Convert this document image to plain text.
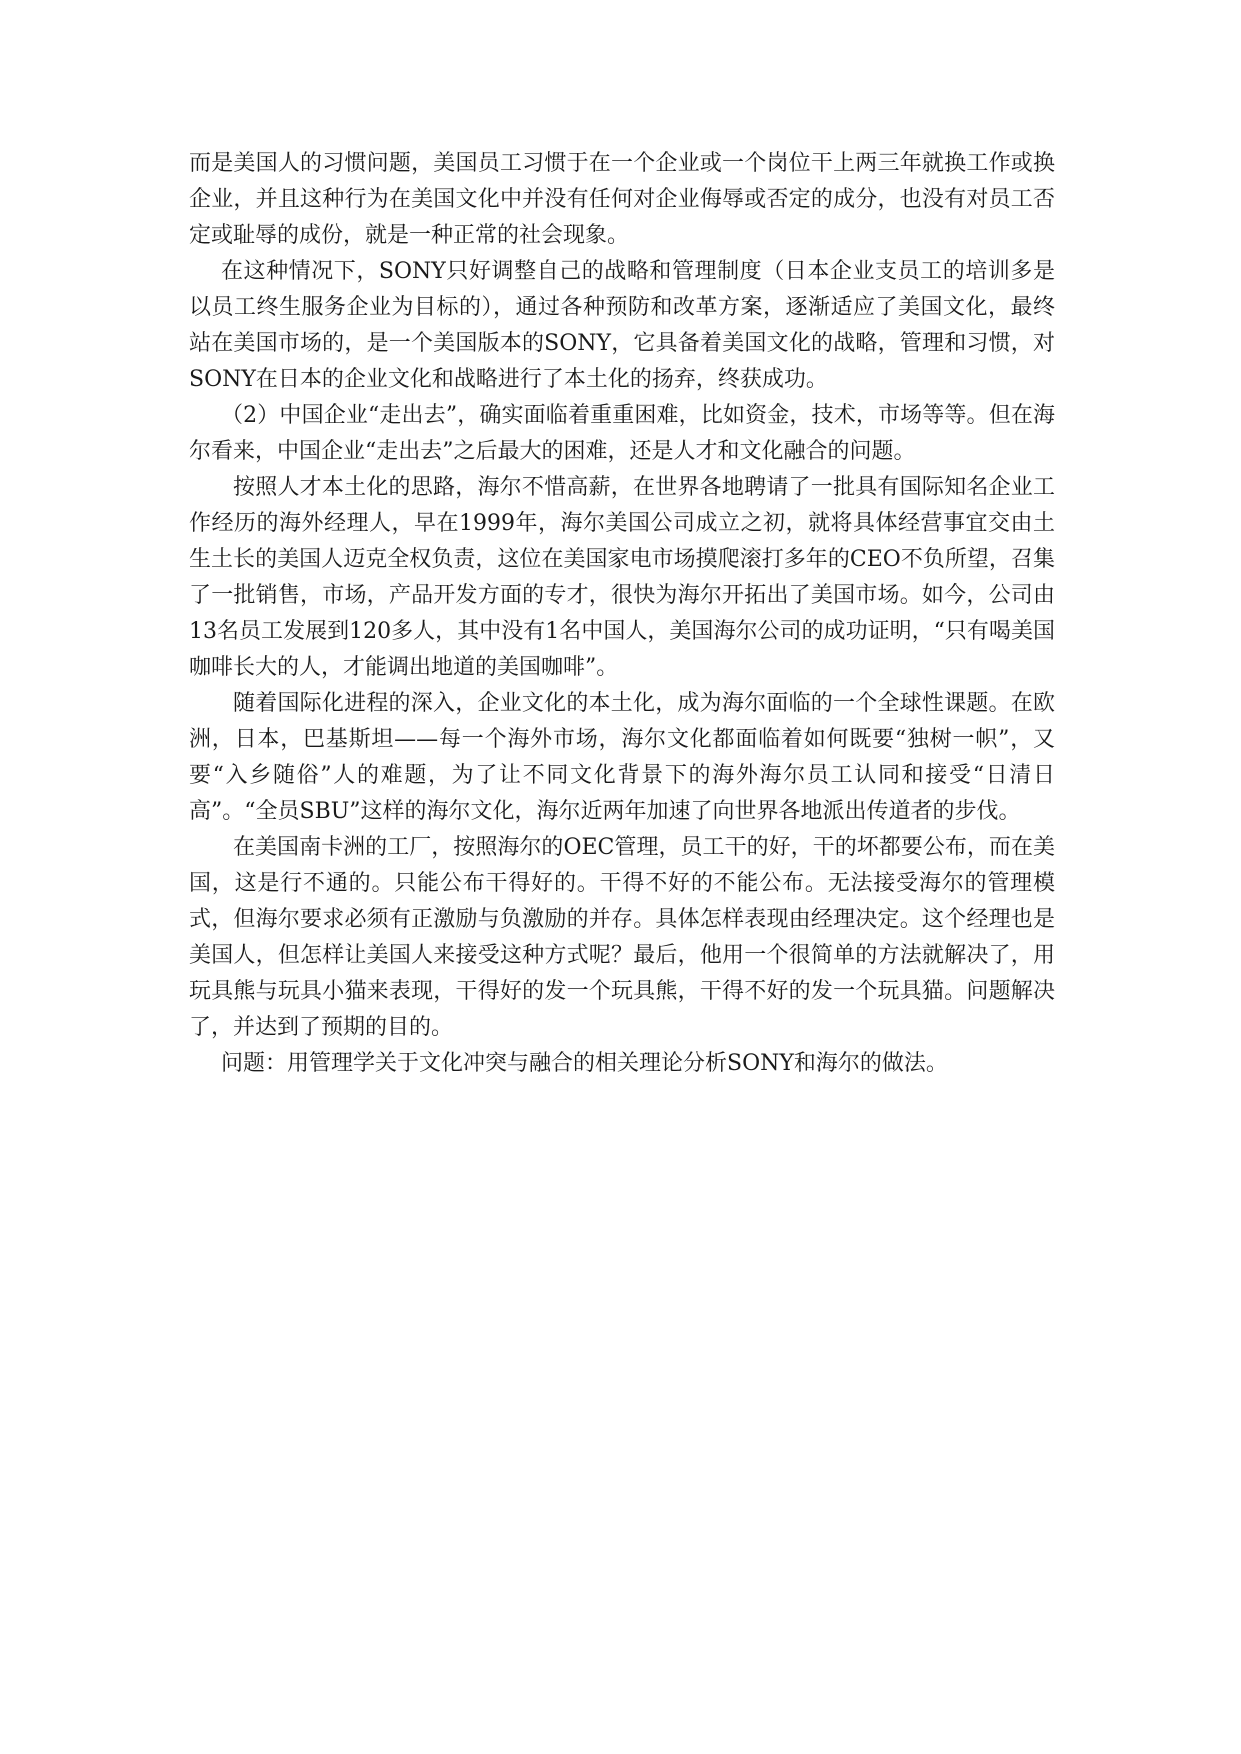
而是美国人的习惯问题，美国员工习惯于在一个企业或一个岗位干上两三年就换工作或换企业，并且这种行为在美国文化中并没有任何对企业侮辱或否定的成分，也没有对员工否定或耻辱的成份，就是一种正常的社会现象。

在这种情况下，SONY只好调整自己的战略和管理制度（日本企业支员工的培训多是以员工终生服务企业为目标的），通过各种预防和改革方案，逐渐适应了美国文化，最终站在美国市场的，是一个美国版本的SONY，它具备着美国文化的战略，管理和习惯，对SONY在日本的企业文化和战略进行了本土化的扬弃，终获成功。

（2）中国企业“走出去”，确实面临着重重困难，比如资金，技术，市场等等。但在海尔看来，中国企业“走出去”之后最大的困难，还是人才和文化融合的问题。

按照人才本土化的思路，海尔不惜高薪，在世界各地聘请了一批具有国际知名企业工作经历的海外经理人，早在1999年，海尔美国公司成立之初，就将具体经营事宜交由土生土长的美国人迈克全权负责，这位在美国家电市场摸爬滚打多年的CEO不负所望，召集了一批销售，市场，产品开发方面的专才，很快为海尔开拓出了美国市场。如今，公司由13名员工发展到120多人，其中没有1名中国人，美国海尔公司的成功证明，“只有喝美国咖啡长大的人，才能调出地道的美国咖啡”。

随着国际化进程的深入，企业文化的本土化，成为海尔面临的一个全球性课题。在欧洲，日本，巴基斯坦——每一个海外市场，海尔文化都面临着如何既要“独树一帜”，又要“入乡随俗”人的难题，为了让不同文化背景下的海外海尔员工认同和接受“日清日高”。“全员SBU”这样的海尔文化，海尔近两年加速了向世界各地派出传道者的步伐。

在美国南卡洲的工厂，按照海尔的OEC管理，员工干的好，干的坏都要公布，而在美国，这是行不通的。只能公布干得好的。干得不好的不能公布。无法接受海尔的管理模式，但海尔要求必须有正激励与负激励的并存。具体怎样表现由经理决定。这个经理也是美国人，但怎样让美国人来接受这种方式呢？最后，他用一个很简单的方法就解决了，用玩具熊与玩具小猫来表现，干得好的发一个玩具熊，干得不好的发一个玩具猫。问题解决了，并达到了预期的目的。

问题：用管理学关于文化冲突与融合的相关理论分析SONY和海尔的做法。
